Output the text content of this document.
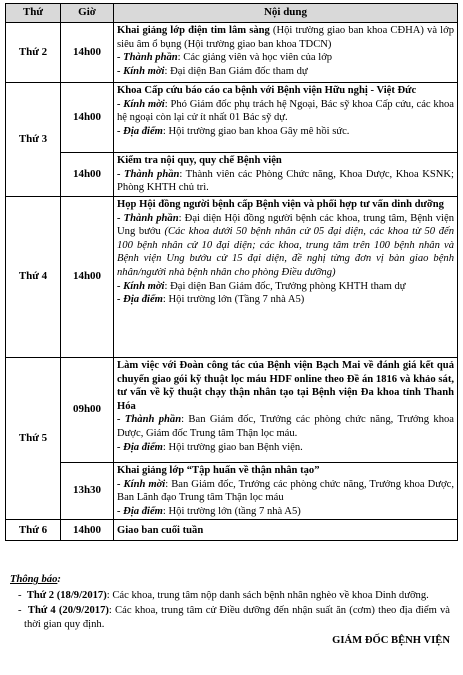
Thứ	Giờ	Nội dung
Thứ 2	14h00	Khai giảng lớp điện tim lâm sàng (Hội trường giao ban khoa CĐHA) và lớp siêu âm ổ bụng (Hội trường giao ban khoa TDCN)
- Thành phần: Các giảng viên và học viên của lớp
- Kính mời: Đại diện Ban Giám đốc tham dự

Thứ 3	14h00	Khoa Cấp cứu báo cáo ca bệnh với Bệnh viện Hữu nghị - Việt Đức
- Kính mời: Phó Giám đốc phụ trách hệ Ngoại, Bác sỹ khoa Cấp cứu, các khoa hệ ngoại còn lại cử ít nhất 01 Bác sỹ dự.
- Địa điểm: Hội trường giao ban khoa Gây mê hồi sức.

	14h00	Kiểm tra nội quy, quy chế Bệnh viện
- Thành phần: Thành viên các Phòng Chức năng, Khoa Dược, Khoa KSNK; Phòng KHTH chủ trì.

Thứ 4	14h00	Họp Hội đồng người bệnh cấp Bệnh viện và phối hợp tư vấn dinh dưỡng
- Thành phần: Đại diện Hội đồng người bệnh các khoa, trung tâm, Bệnh viện Ung bướu (Các khoa dưới 50 bệnh nhân cử 05 đại diện, các khoa từ 50 đến 100 bệnh nhân cử 10 đại diện; các khoa, trung tâm trên 100 bệnh nhân và Bệnh viện Ung bướu cử 15 đại diện, đề nghị từng đơn vị bàn giao bệnh nhân/người nhà bệnh nhân cho phòng Điều dưỡng)
- Kính mời: Đại diện Ban Giám đốc, Trưởng phòng KHTH tham dự
- Địa điểm: Hội trường lớn (Tầng 7 nhà A5)

Thứ 5	09h00	Làm việc với Đoàn công tác của Bệnh viện Bạch Mai về đánh giá kết quả chuyển giao gói kỹ thuật lọc máu HDF online theo Đề án 1816 và khảo sát, tư vấn về kỹ thuật chạy thận nhân tạo tại Bệnh viện Đa khoa tỉnh Thanh Hóa
- Thành phần: Ban Giám đốc, Trưởng các phòng chức năng, Trưởng khoa Dược, Giám đốc Trung tâm Thận lọc máu.
- Địa điểm: Hội trường giao ban Bệnh viện.

	13h30	Khai giảng lớp “Tập huấn về thận nhân tạo”
- Kính mời: Ban Giám đốc, Trưởng các phòng chức năng, Trưởng khoa Dược, Ban Lãnh đạo Trung tâm Thận lọc máu
- Địa điểm: Hội trường lớn (tầng 7 nhà A5)

Thứ 6	14h00	Giao ban cuối tuần
Thông báo:
-  Thứ 2 (18/9/2017): Các khoa, trung tâm nộp danh sách bệnh nhân nghèo về khoa Dinh dưỡng.
-  Thứ 4 (20/9/2017): Các khoa, trung tâm cử Điều dưỡng đến nhận suất ăn (cơm) theo địa điểm và thời gian quy định.
GIÁM ĐỐC BỆNH VIỆN
